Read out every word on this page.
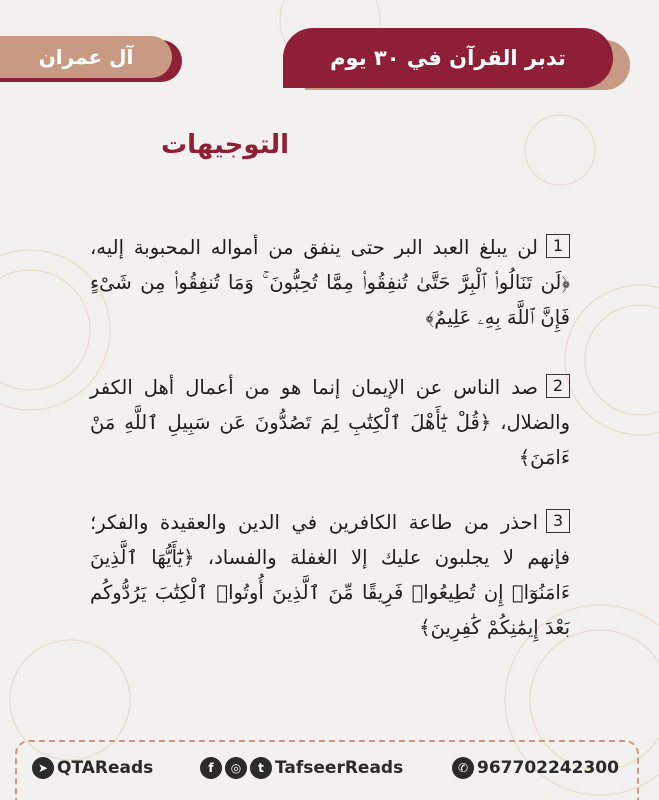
تدبر القرآن في ٣٠ يوم
آل عمران
التوجيهات
1لن يبلغ العبد البر حتى ينفق من أمواله المحبوبة إليه، ﴿لَن تَنَالُوا۟ ٱلْبِرَّ حَتَّىٰ تُنفِقُوا۟ مِمَّا تُحِبُّونَ ۚ وَمَا تُنفِقُوا۟ مِن شَىْءٍ فَإِنَّ ٱللَّهَ بِهِۦ عَلِيمٌ﴾
2صد الناس عن الإيمان إنما هو من أعمال أهل الكفر والضلال، ﴿قُلْ يَٰٓأَهْلَ ٱلْكِتَٰبِ لِمَ تَصُدُّونَ عَن سَبِيلِ ٱللَّهِ مَنْ ءَامَنَ﴾
3احذر من طاعة الكافرين في الدين والعقيدة والفكر؛ فإنهم لا يجلبون عليك إلا الغفلة والفساد، ﴿يَٰٓأَيُّهَا ٱلَّذِينَ ءَامَنُوٓا۟ إِن تُطِيعُوا۟ فَرِيقًا مِّنَ ٱلَّذِينَ أُوتُوا۟ ٱلْكِتَٰبَ يَرُدُّوكُم بَعْدَ إِيمَٰنِكُمْ كَٰفِرِينَ﴾
➤ QTAReads	f	◎	t TafseerReads	✆ 967702242300
